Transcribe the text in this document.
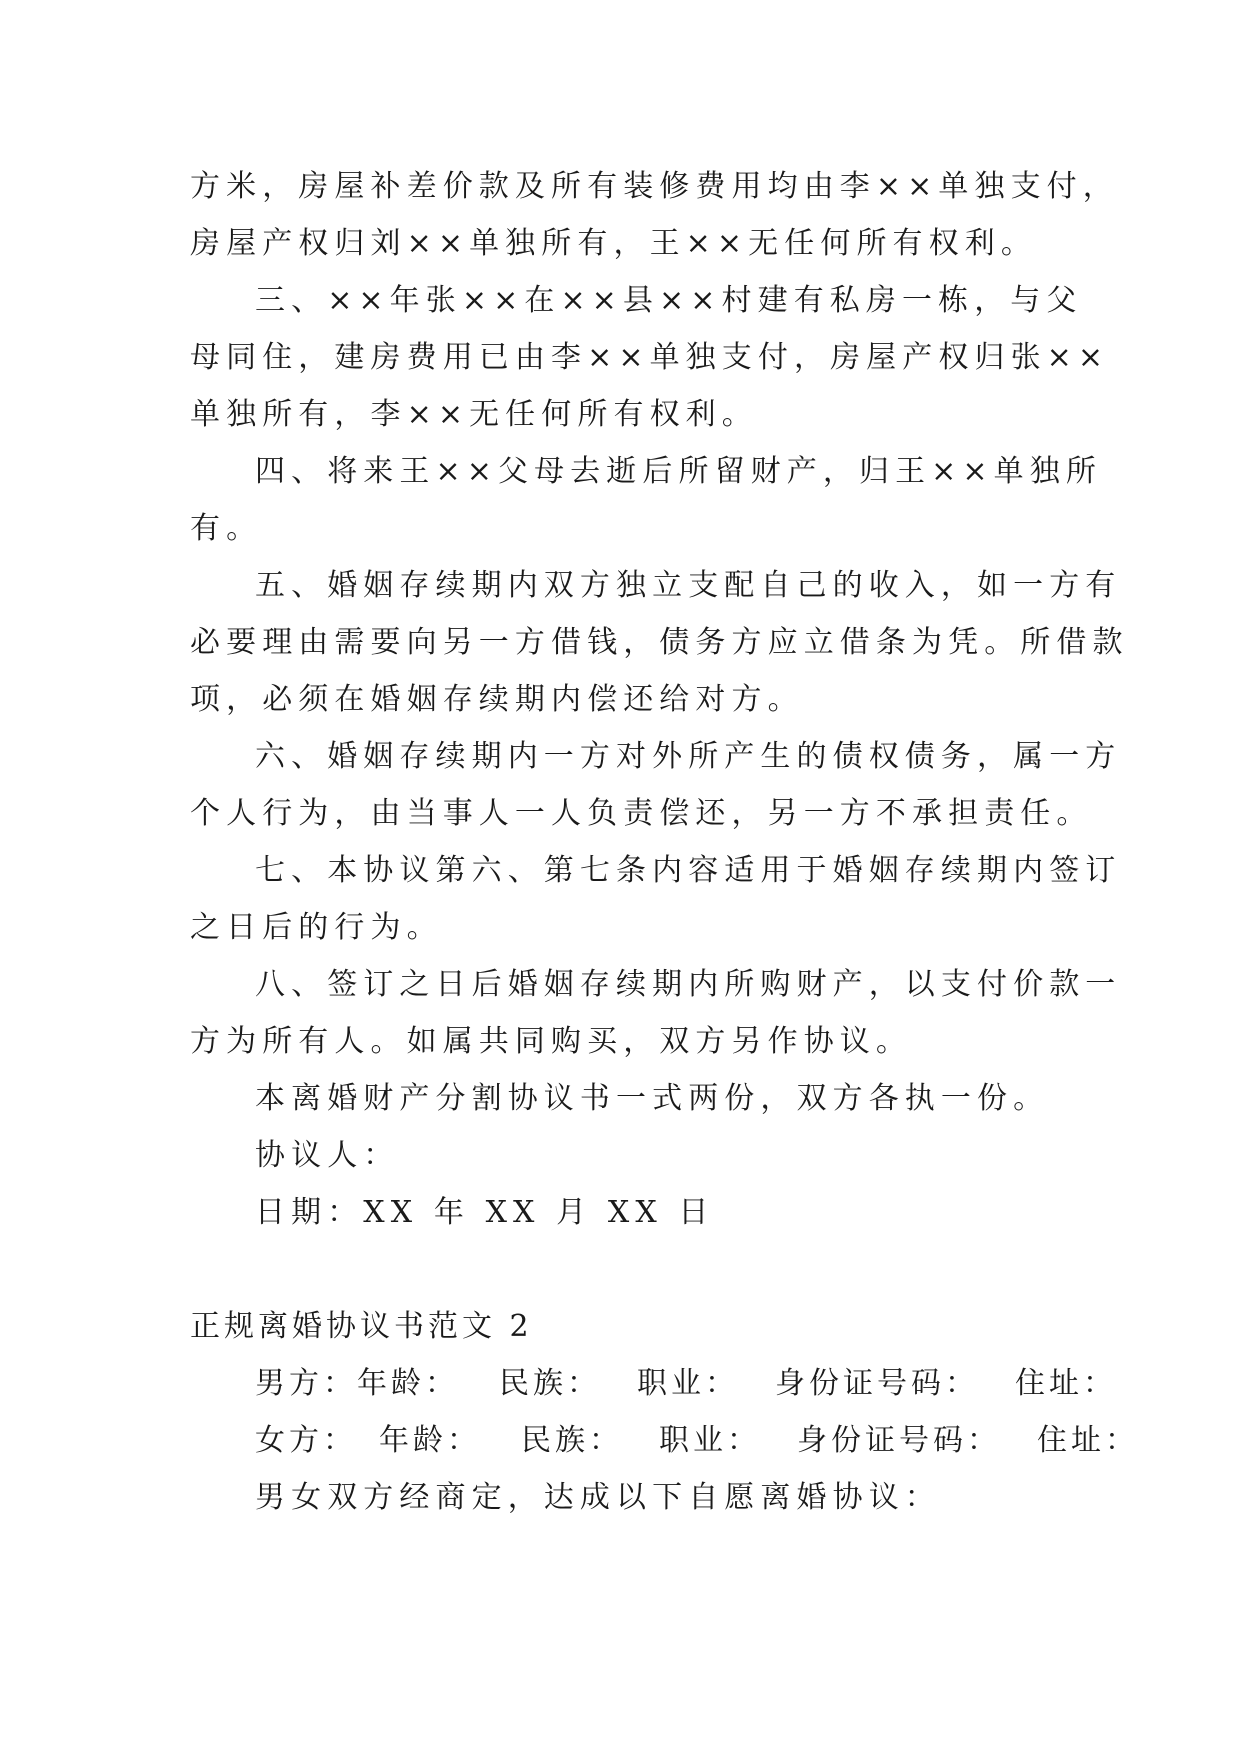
方米，房屋补差价款及所有装修费用均由李××单独支付，
房屋产权归刘××单独所有，王××无任何所有权利。
三、××年张××在××县××村建有私房一栋，与父
母同住，建房费用已由李××单独支付，房屋产权归张××
单独所有，李××无任何所有权利。
四、将来王××父母去逝后所留财产，归王××单独所
有。
五、婚姻存续期内双方独立支配自己的收入，如一方有
必要理由需要向另一方借钱，债务方应立借条为凭。所借款
项，必须在婚姻存续期内偿还给对方。
六、婚姻存续期内一方对外所产生的债权债务，属一方
个人行为，由当事人一人负责偿还，另一方不承担责任。
七、本协议第六、第七条内容适用于婚姻存续期内签订
之日后的行为。
八、签订之日后婚姻存续期内所购财产，以支付价款一
方为所有人。如属共同购买，双方另作协议。
本离婚财产分割协议书一式两份，双方各执一份。
协议人：
日期：XX 年 XX 月 XX 日
正规离婚协议书范文 2
男方：年龄： 民族： 职业： 身份证号码： 住址：
女方： 年龄： 民族： 职业： 身份证号码： 住址：
男女双方经商定，达成以下自愿离婚协议：
